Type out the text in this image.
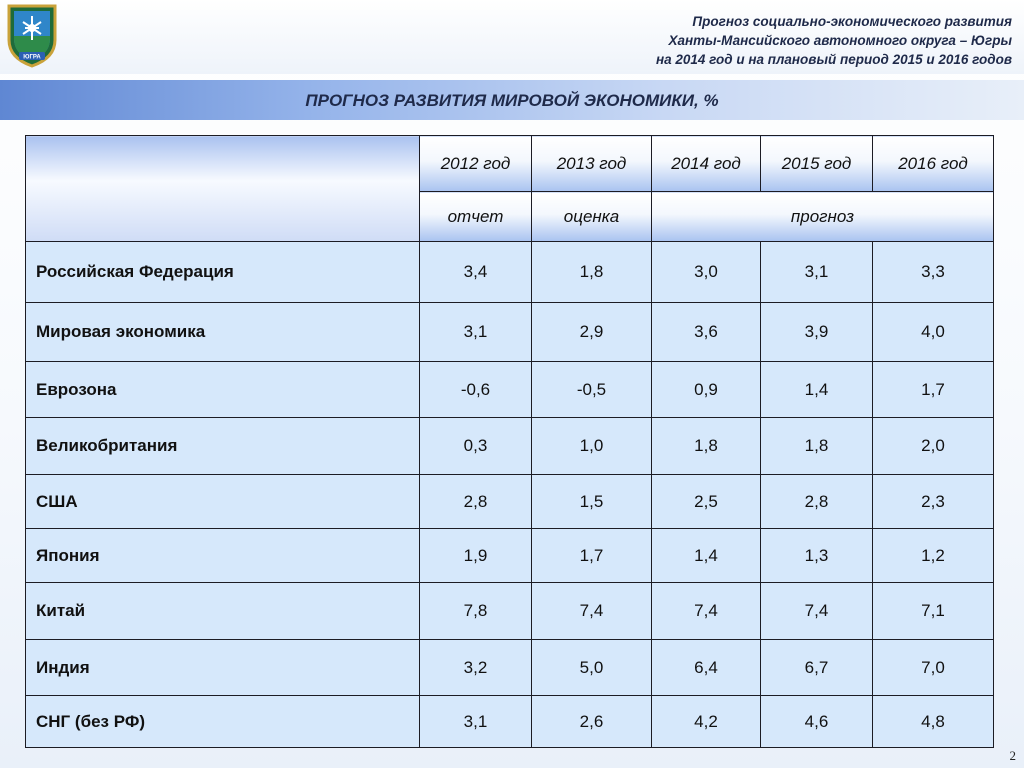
ЮГРА
Прогноз социально-экономического развития
Ханты-Мансийского автономного округа – Югры
на 2014 год и на плановый период 2015 и 2016 годов
ПРОГНОЗ РАЗВИТИЯ МИРОВОЙ ЭКОНОМИКИ, %
	2012 год	2013 год	2014 год	2015 год	2016 год
	отчет	оценка	прогноз		
Российская Федерация	3,4	1,8	3,0	3,1	3,3
Мировая экономика	3,1	2,9	3,6	3,9	4,0
Еврозона	-0,6	-0,5	0,9	1,4	1,7
Великобритания	0,3	1,0	1,8	1,8	2,0
США	2,8	1,5	2,5	2,8	2,3
Япония	1,9	1,7	1,4	1,3	1,2
Китай	7,8	7,4	7,4	7,4	7,1
Индия	3,2	5,0	6,4	6,7	7,0
СНГ (без РФ)	3,1	2,6	4,2	4,6	4,8
2
